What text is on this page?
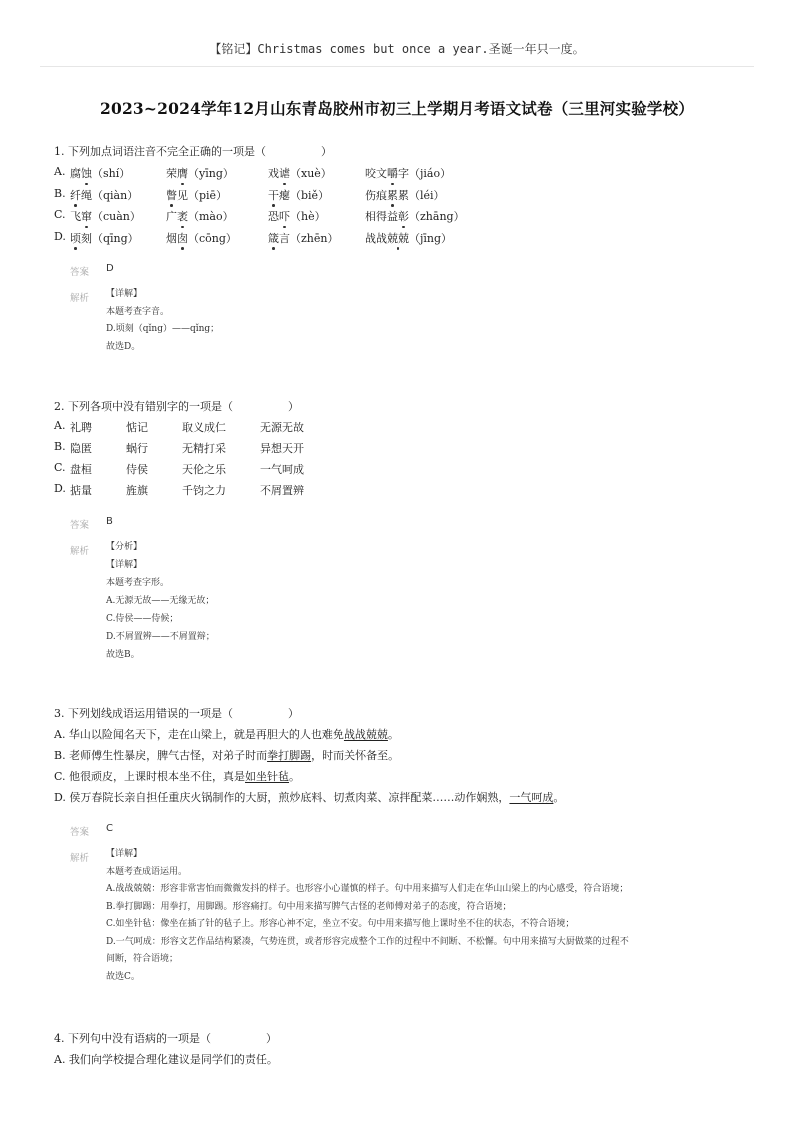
【铭记】Christmas comes but once a year.圣诞一年只一度。
2023~2024学年12月山东青岛胶州市初三上学期月考语文试卷（三里河实验学校）
1. 下列加点词语注音不完全正确的一项是（　　　　　）
A. 腐蚀（shí）	荣膺（yīng）	戏谑（xuè）	咬文嚼字（jiáo）
B. 纤绳（qiàn）	瞥见（piē）	干瘪（biě）	伤痕累累（léi）
C. 飞窜（cuàn） 广袤（mào）	恐吓（hè）	相得益彰（zhāng）
D. 顷刻（qīng） 烟囱（cōng）	箴言（zhēn） 战战兢兢（jīng）
答案 D
解析 【详解】
本题考查字音。
D.顷刻（qǐng）——qǐng；
故选D。
2. 下列各项中没有错别字的一项是（　　　　　）
A. 礼聘	惦记	取义成仁	无源无故
B. 隐匿	蜗行	无精打采	异想天开
C. 盘桓	侍侯	天伦之乐	一气呵成
D. 掂量	旌旗	千钧之力	不屑置辨
答案 B
解析 【分析】
【详解】
本题考查字形。
A.无源无故——无缘无故；
C.侍侯——侍候；
D.不屑置辨——不屑置辩；
故选B。
3. 下列划线成语运用错误的一项是（　　　　　）
A. 华山以险闻名天下，走在山梁上，就是再胆大的人也难免战战兢兢。
B. 老师傅生性暴戾，脾气古怪，对弟子时而拳打脚踢，时而关怀备至。
C. 他很顽皮，上课时根本坐不住，真是如坐针毡。
D. 侯万春院长亲自担任重庆火锅制作的大厨，煎炒底料、切煮肉菜、凉拌配菜……动作娴熟，一气呵成。
答案 C
解析 【详解】
本题考查成语运用。
A.战战兢兢：形容非常害怕而微微发抖的样子。也形容小心谨慎的样子。句中用来描写人们走在华山山梁上的内心感受，符合语境；
B.拳打脚踢：用拳打，用脚踢。形容痛打。句中用来描写脾气古怪的老师傅对弟子的态度，符合语境；
C.如坐针毡：像坐在插了针的毡子上。形容心神不定，坐立不安。句中用来描写他上课时坐不住的状态，不符合语境；
D.一气呵成：形容文艺作品结构紧凑，气势连贯，或者形容完成整个工作的过程中不间断、不松懈。句中用来描写大厨做菜的过程不
间断，符合语境；
故选C。
4. 下列句中没有语病的一项是（　　　　　）
A. 我们向学校提合理化建议是同学们的责任。
